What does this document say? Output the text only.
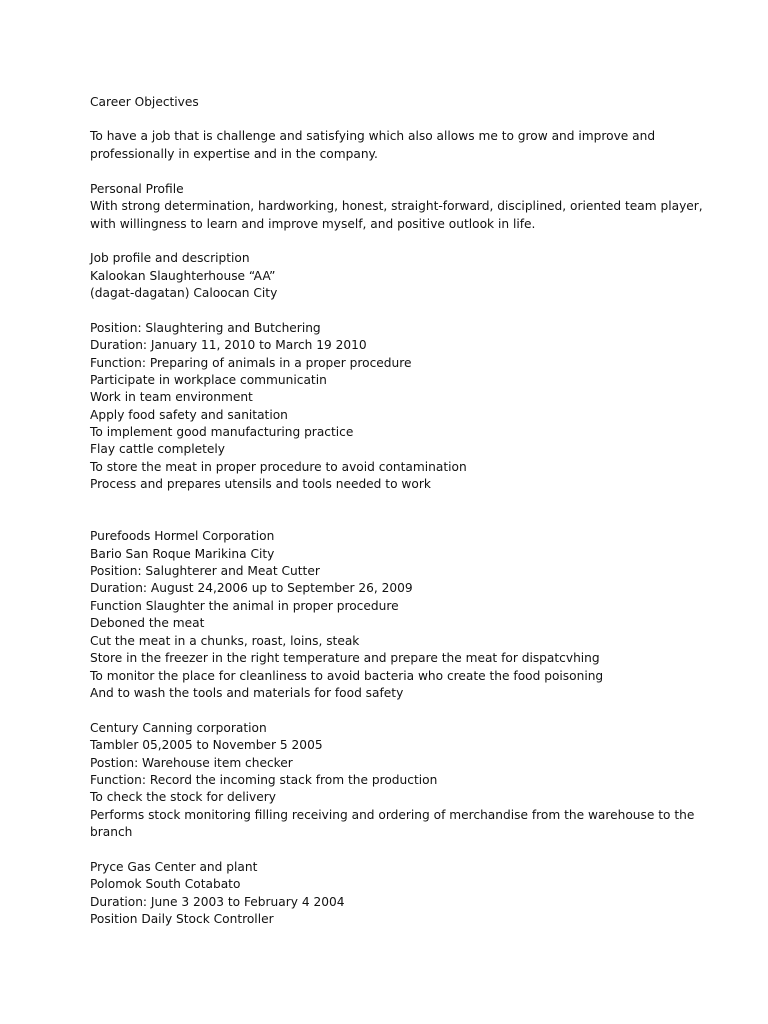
Career Objectives
To have a job that is challenge and satisfying which also allows me to grow and improve and
professionally in expertise and in the company.
Personal Profile
With strong determination, hardworking, honest, straight-forward, disciplined, oriented team player,
with willingness to learn and improve myself, and positive outlook in life.
Job profile and description
Kalookan Slaughterhouse “AA”
(dagat-dagatan) Caloocan City
Position: Slaughtering and Butchering
Duration: January 11, 2010 to March 19 2010
Function: Preparing of animals in a proper procedure
Participate in workplace communicatin
Work in team environment
Apply food safety and sanitation
To implement good manufacturing practice
Flay cattle completely
To store the meat in proper procedure to avoid contamination
Process and prepares utensils and tools needed to work
Purefoods Hormel Corporation
Bario San Roque Marikina City
Position: Salughterer and Meat Cutter
Duration: August 24,2006 up to September 26, 2009
Function Slaughter the animal in proper procedure
Deboned the meat
Cut the meat in a chunks, roast, loins, steak
Store in the freezer in the right temperature and prepare the meat for dispatcvhing
To monitor the place for cleanliness to avoid bacteria who create the food poisoning
And to wash the tools and materials for food safety
Century Canning corporation
Tambler 05,2005 to November 5 2005
Postion: Warehouse item checker
Function: Record the incoming stack from the production
To check the stock for delivery
Performs stock monitoring filling receiving and ordering of merchandise from the warehouse to the
branch
Pryce Gas Center and plant
Polomok South Cotabato
Duration: June 3 2003 to February 4 2004
Position Daily Stock Controller
